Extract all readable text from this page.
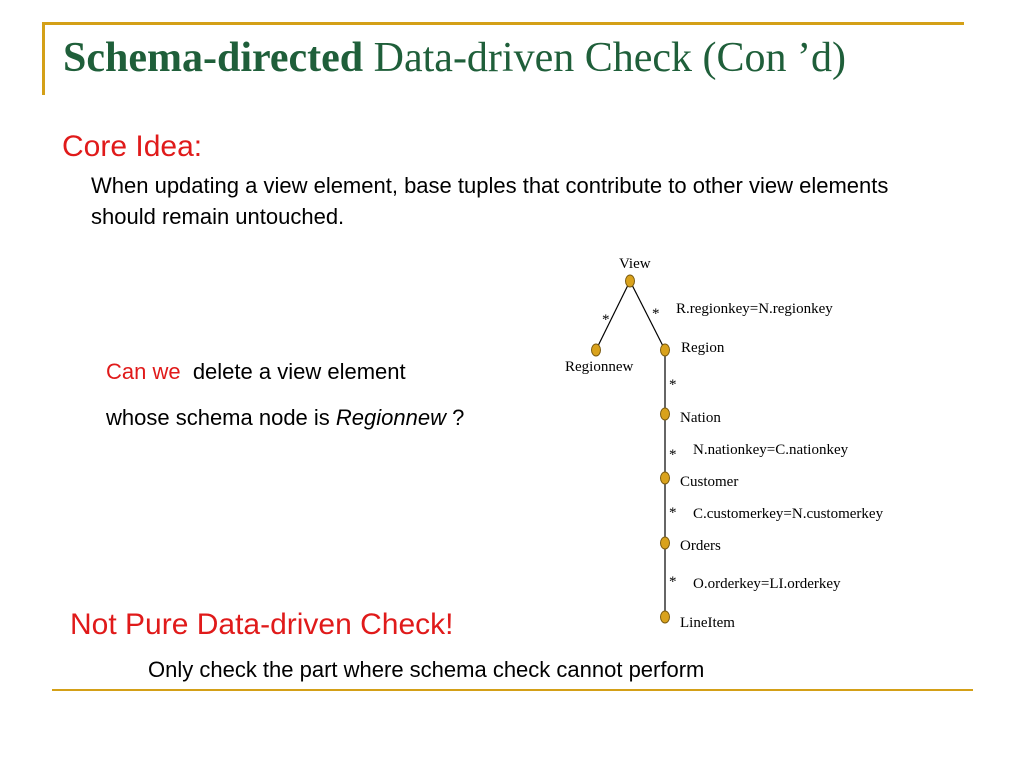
Schema-directed Data-driven Check (Con ’d)
Core Idea:
When updating a view element, base tuples that contribute to other view elements should remain untouched.
Can we  delete a view element
whose schema node is Regionnew ?
View
Regionnew
Region
Nation
Customer
Orders
LineItem
*	*
*
*
*
*
R.regionkey=N.regionkey
N.nationkey=C.nationkey
C.customerkey=N.customerkey
O.orderkey=LI.orderkey
Not Pure Data-driven Check!
Only check the part where schema check cannot perform
